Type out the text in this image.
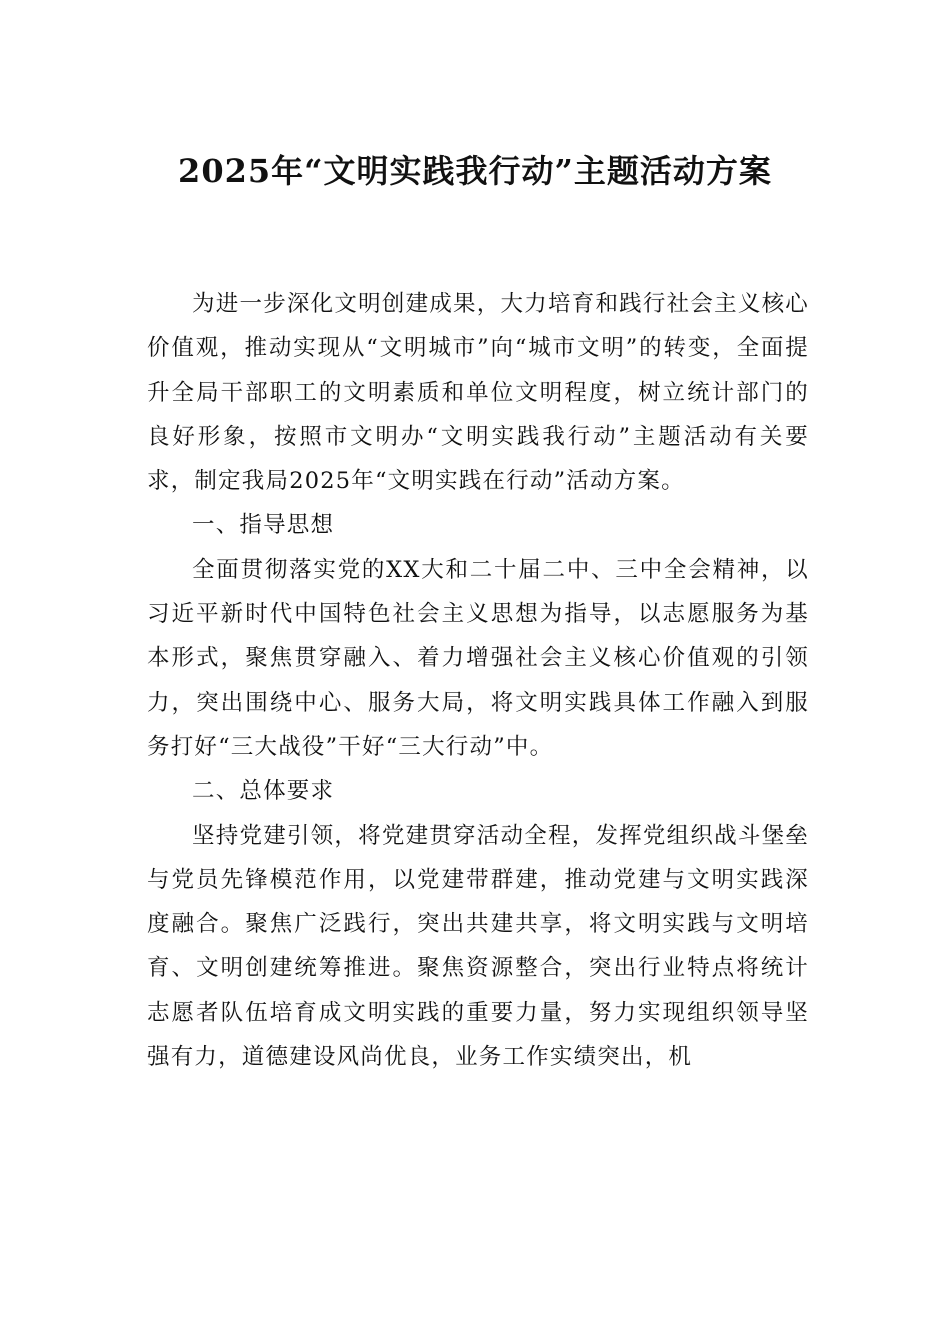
2025年“文明实践我行动”主题活动方案

为进一步深化文明创建成果，大力培育和践行社会主义核心价值观，推动实现从“文明城市”向“城市文明”的转变，全面提升全局干部职工的文明素质和单位文明程度，树立统计部门的良好形象，按照市文明办“文明实践我行动”主题活动有关要求，制定我局2025年“文明实践在行动”活动方案。

一、指导思想

全面贯彻落实党的XX大和二十届二中、三中全会精神，以习近平新时代中国特色社会主义思想为指导，以志愿服务为基本形式，聚焦贯穿融入、着力增强社会主义核心价值观的引领力，突出围绕中心、服务大局，将文明实践具体工作融入到服务打好“三大战役”干好“三大行动”中。

二、总体要求

坚持党建引领，将党建贯穿活动全程，发挥党组织战斗堡垒与党员先锋模范作用，以党建带群建，推动党建与文明实践深度融合。聚焦广泛践行，突出共建共享，将文明实践与文明培育、文明创建统筹推进。聚焦资源整合，突出行业特点将统计志愿者队伍培育成文明实践的重要力量，努力实现组织领导坚强有力，道德建设风尚优良，业务工作实绩突出，机
